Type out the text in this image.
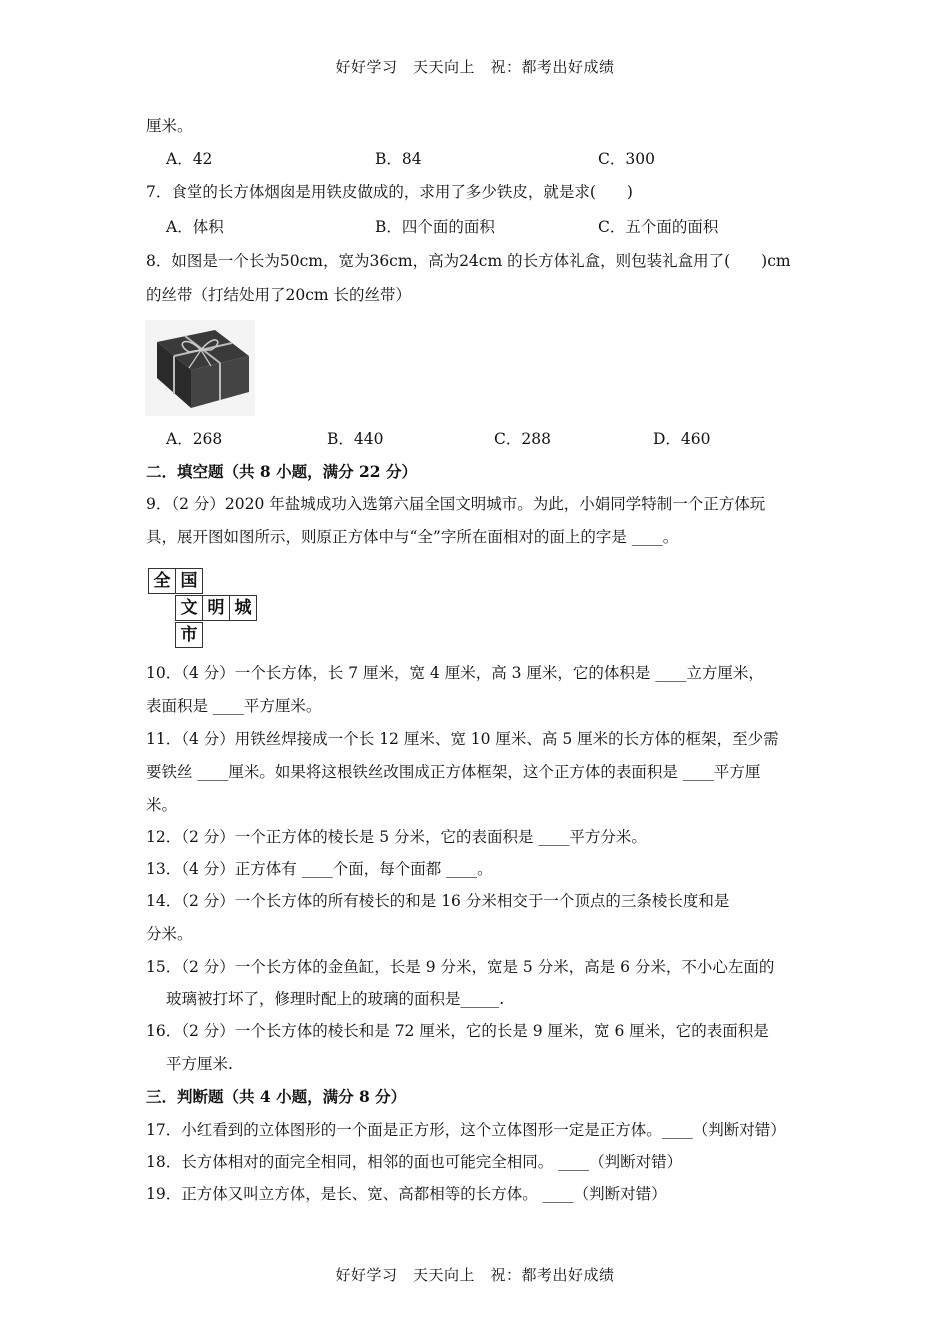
好好学习　天天向上　祝：都考出好成绩
厘米。
A．42	B．84	C．300
7．食堂的长方体烟囱是用铁皮做成的，求用了多少铁皮，就是求(　　)
A．体积	B．四个面的面积	C．五个面的面积
8．如图是一个长为50cm，宽为36cm，高为24cm 的长方体礼盒，则包装礼盒用了(　　)cm
的丝带（打结处用了20cm 长的丝带）
A．268	B．440	C．288	D．460
二．填空题（共 8 小题，满分 22 分）
9．（2 分）2020 年盐城成功入选第六届全国文明城市。为此，小娟同学特制一个正方体玩
具，展开图如图所示，则原正方体中与“全”字所在面相对的面上的字是 ____。
全 国
文 明 城
市
10．（4 分）一个长方体，长 7 厘米，宽 4 厘米，高 3 厘米，它的体积是 ____立方厘米，
表面积是 ____平方厘米。
11．（4 分）用铁丝焊接成一个长 12 厘米、宽 10 厘米、高 5 厘米的长方体的框架，至少需
要铁丝 ____厘米。如果将这根铁丝改围成正方体框架，这个正方体的表面积是 ____平方厘
米。
12．（2 分）一个正方体的棱长是 5 分米，它的表面积是 ____平方分米。
13．（4 分）正方体有 ____个面，每个面都 ____。
14．（2 分）一个长方体的所有棱长的和是 16 分米相交于一个顶点的三条棱长度和是
分米。
15．（2 分）一个长方体的金鱼缸，长是 9 分米，宽是 5 分米，高是 6 分米，不小心左面的
玻璃被打坏了，修理时配上的玻璃的面积是_____.
16．（2 分）一个长方体的棱长和是 72 厘米，它的长是 9 厘米，宽 6 厘米，它的表面积是
平方厘米.
三．判断题（共 4 小题，满分 8 分）
17．小红看到的立体图形的一个面是正方形，这个立体图形一定是正方体。____（判断对错）
18．长方体相对的面完全相同，相邻的面也可能完全相同。 ____（判断对错）
19．正方体又叫立方体，是长、宽、高都相等的长方体。 ____（判断对错）
好好学习　天天向上　祝：都考出好成绩
